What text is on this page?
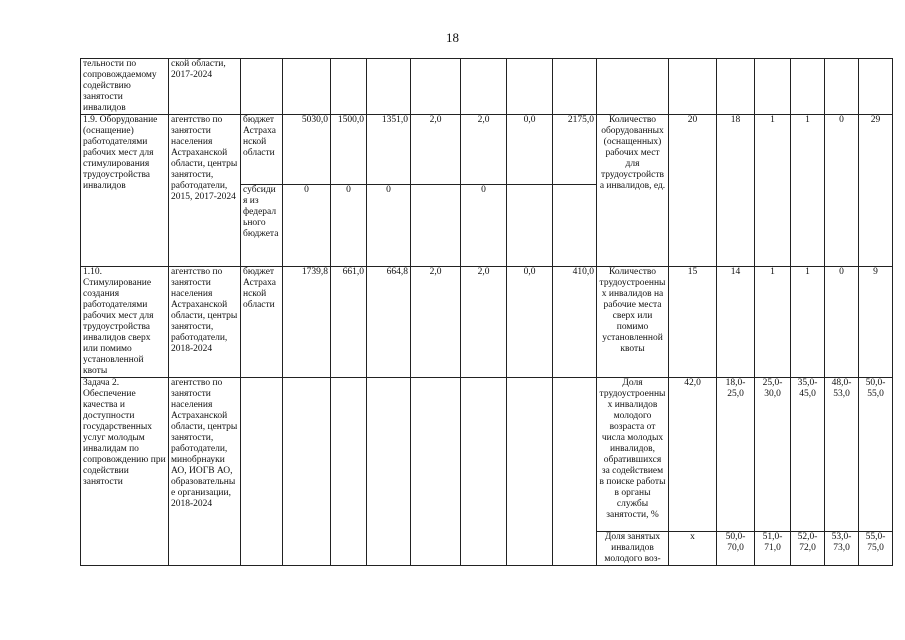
18
тельности по сопровождаемому содействию занятости инвалидов	ской области, 2017-2024															
1.9. Оборудование (оснащение) работодателями рабочих мест для стимулирования трудоустройства инвалидов	агентство по занятости населения Астраханской области, центры занятости, работодатели, 2015, 2017-2024	бюджет Астраханской области	5030,0	1500,0	1351,0	2,0	2,0	0,0	2175,0	Количество оборудованных (оснащенных) рабочих мест для трудоустройства инвалидов, ед.	20	18	1	1	0	29
		субсидия из федерального бюджета	0	0	0		0									
1.10. Стимулирование создания работодателями рабочих мест для трудоустройства инвалидов сверх или помимо установленной квоты	агентство по занятости населения Астраханской области, центры занятости, работодатели, 2018-2024	бюджет Астраханской области	1739,8	661,0	664,8	2,0	2,0	0,0	410,0	Количество трудоустроенных инвалидов на рабочие места сверх или помимо установленной квоты	15	14	1	1	0	9
Задача 2. Обеспечение качества и доступности государственных услуг молодым инвалидам по сопровождению при содействии занятости	агентство по занятости населения Астраханской области, центры занятости, работодатели, минобрнауки АО, ИОГВ АО, образовательные организации, 2018-2024									Доля трудоустроенных инвалидов молодого возраста от числа молодых инвалидов, обратившихся за содействием в поиске работы в органы службы занятости, %	42,0	18,0-25,0	25,0-30,0	35,0-45,0	48,0-53,0	50,0-55,0
										Доля занятых инвалидов молодого воз-	х	50,0-70,0	51,0-71,0	52,0-72,0	53,0-73,0	55,0-75,0
